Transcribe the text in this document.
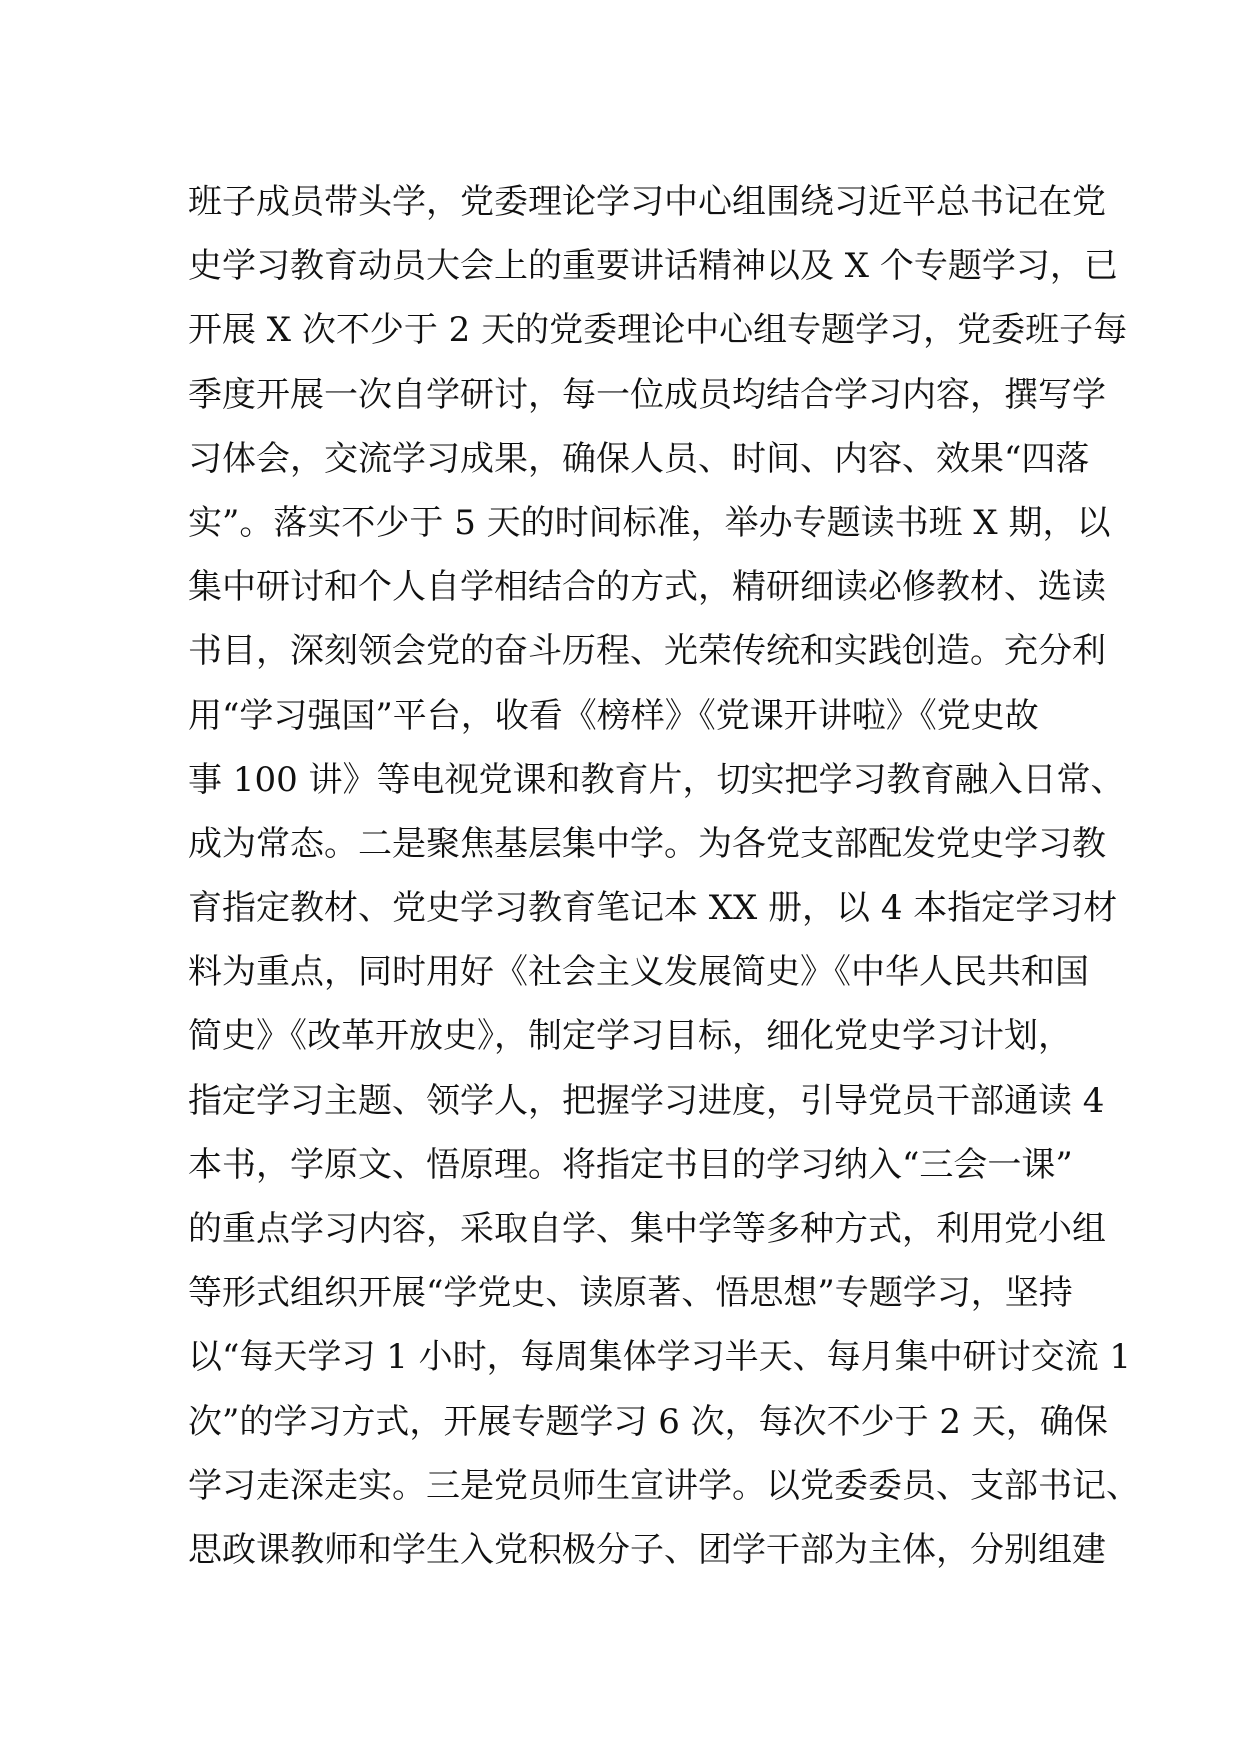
班子成员带头学，党委理论学习中心组围绕习近平总书记在党
史学习教育动员大会上的重要讲话精神以及 X 个专题学习，已
开展 X 次不少于 2 天的党委理论中心组专题学习，党委班子每
季度开展一次自学研讨，每一位成员均结合学习内容，撰写学
习体会，交流学习成果，确保人员、时间、内容、效果“四落
实”。落实不少于 5 天的时间标准，举办专题读书班 X 期，以
集中研讨和个人自学相结合的方式，精研细读必修教材、选读
书目，深刻领会党的奋斗历程、光荣传统和实践创造。充分利
用“学习强国”平台，收看《榜样》《党课开讲啦》《党史故
事 100 讲》等电视党课和教育片，切实把学习教育融入日常、
成为常态。二是聚焦基层集中学。为各党支部配发党史学习教
育指定教材、党史学习教育笔记本 XX 册，以 4 本指定学习材
料为重点，同时用好《社会主义发展简史》《中华人民共和国
简史》《改革开放史》，制定学习目标，细化党史学习计划，
指定学习主题、领学人，把握学习进度，引导党员干部通读 4
本书，学原文、悟原理。将指定书目的学习纳入“三会一课”
的重点学习内容，采取自学、集中学等多种方式，利用党小组
等形式组织开展“学党史、读原著、悟思想”专题学习，坚持
以“每天学习 1 小时，每周集体学习半天、每月集中研讨交流 1
次”的学习方式，开展专题学习 6 次，每次不少于 2 天，确保
学习走深走实。三是党员师生宣讲学。以党委委员、支部书记、
思政课教师和学生入党积极分子、团学干部为主体，分别组建
